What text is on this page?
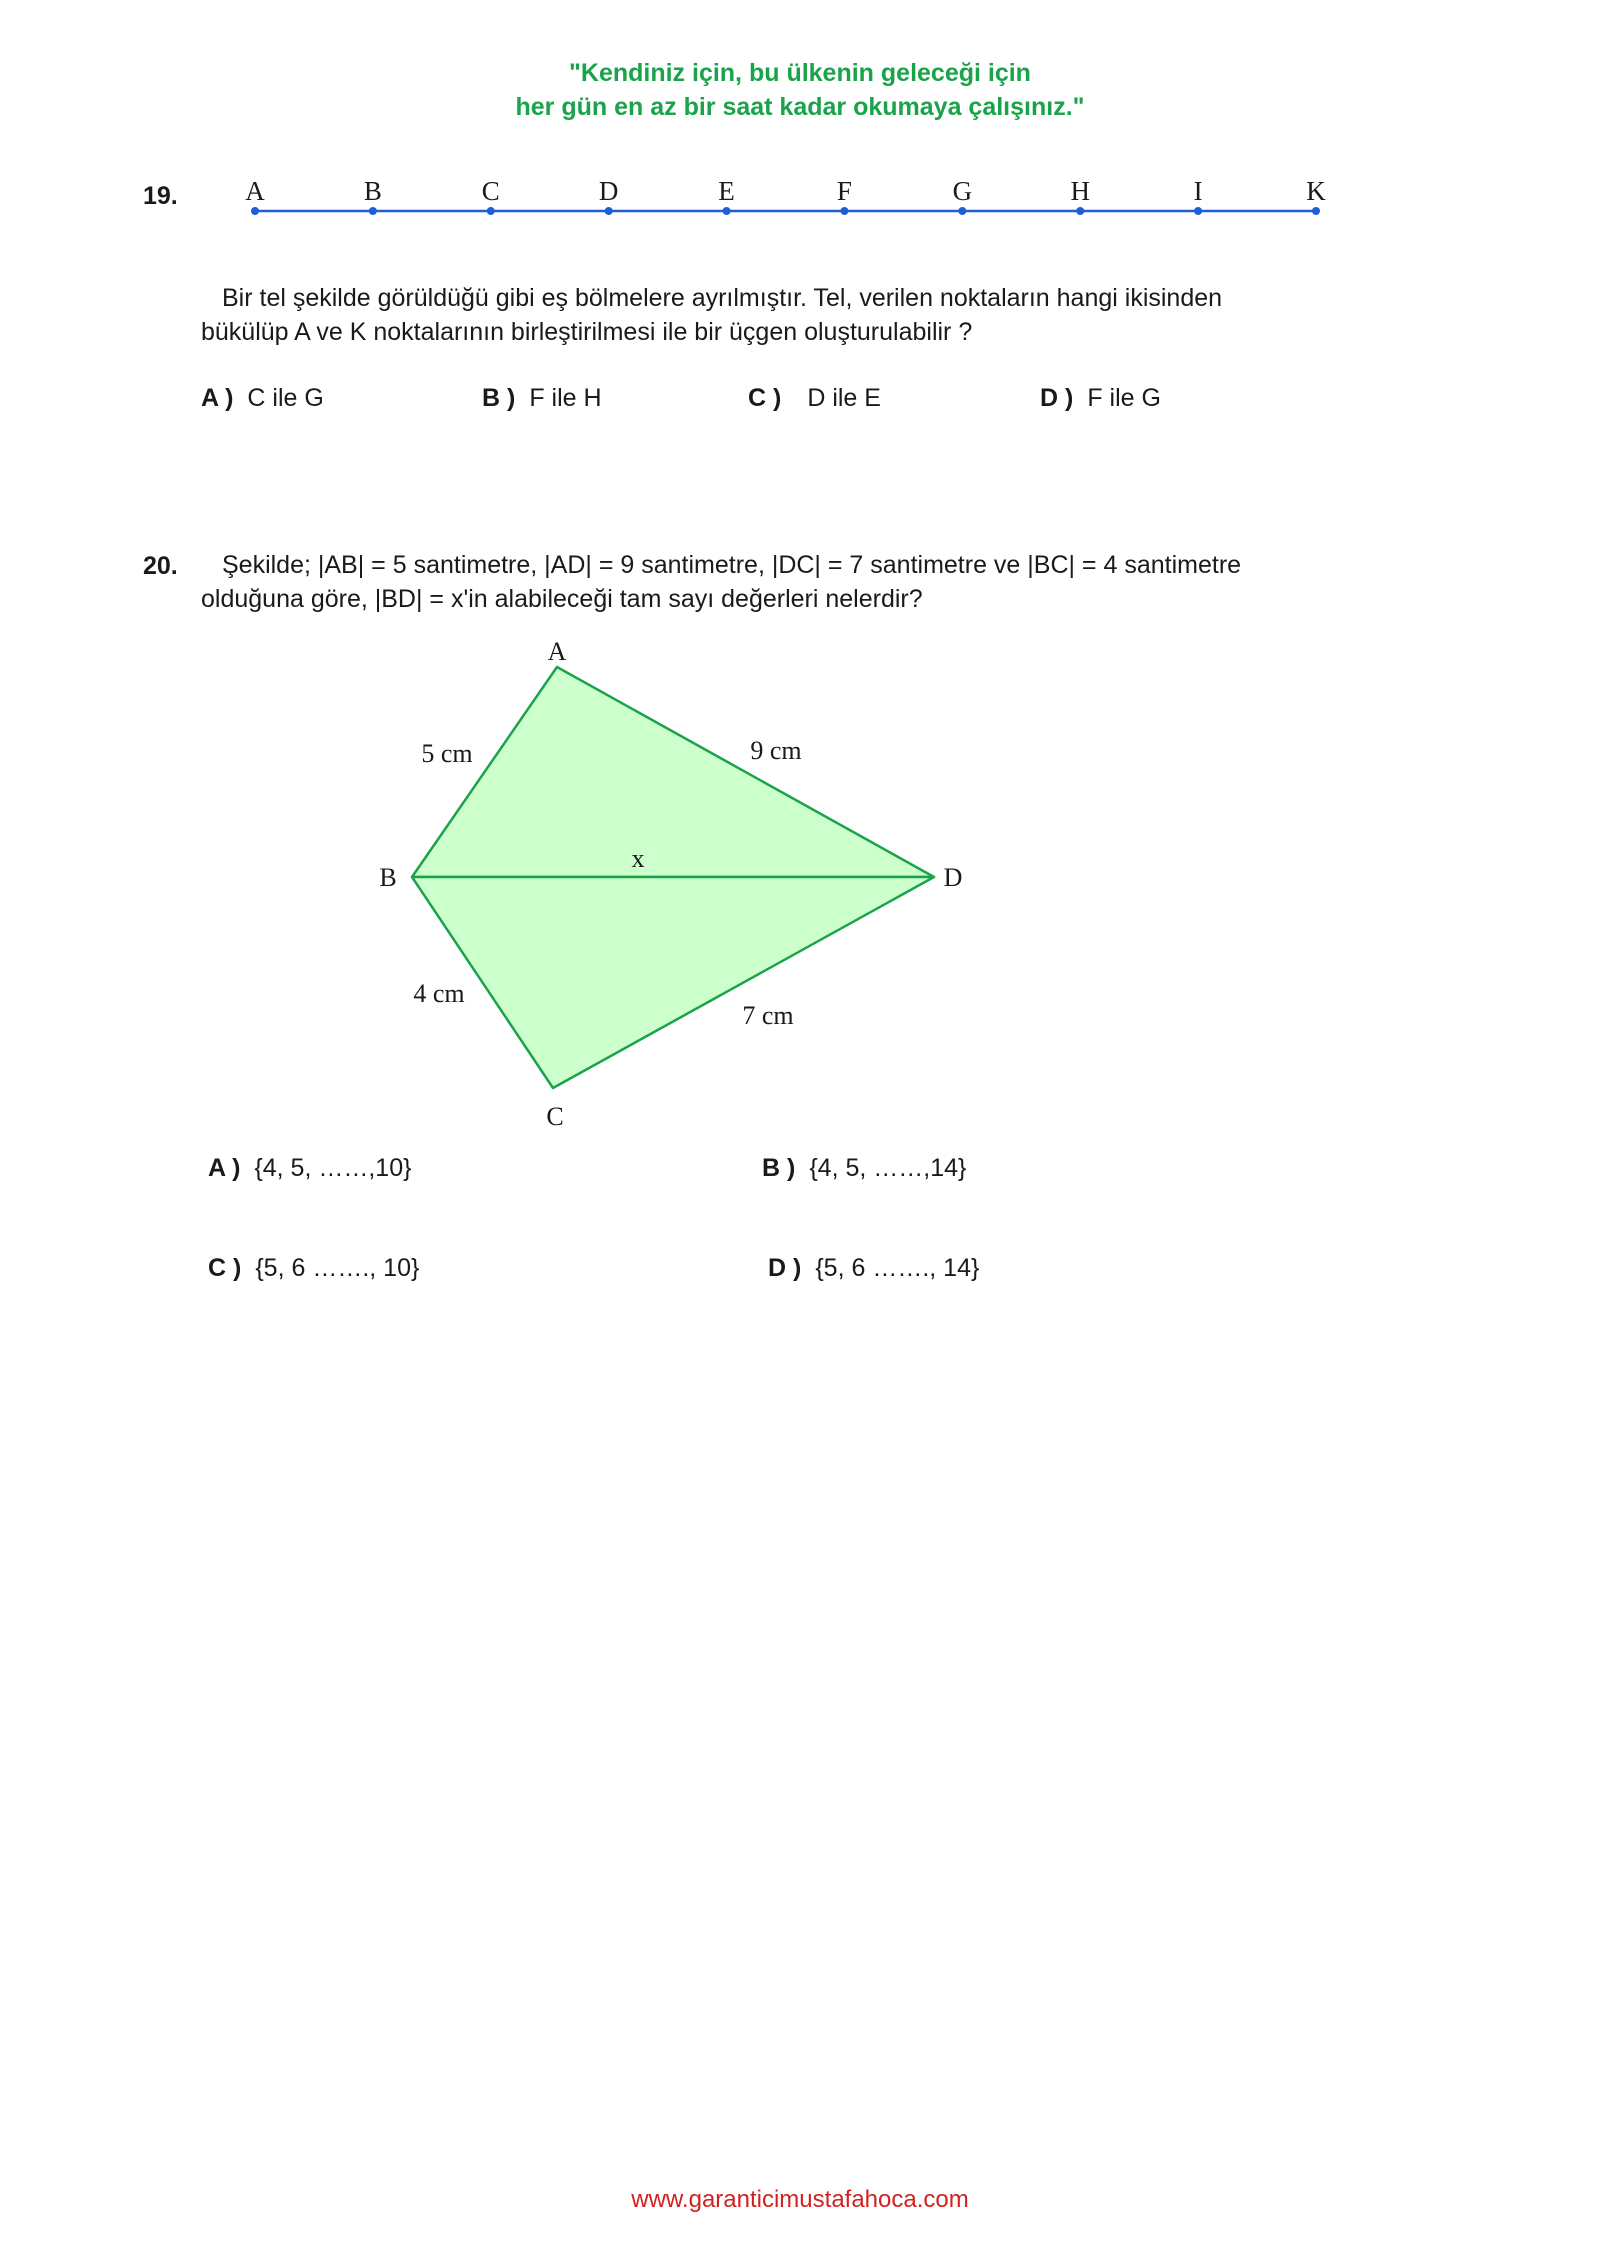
"Kendiniz için, bu ülkenin geleceği için
her gün en az bir saat kadar okumaya çalışınız."
19. A	B	C	D	E	F	G	H	I	K
Bir tel şekilde görüldüğü gibi eş bölmelere ayrılmıştır. Tel, verilen noktaların hangi ikisinden
bükülüp A ve K noktalarının birleştirilmesi ile bir üçgen oluşturulabilir ?
A ) C ile G	B ) F ile H	C ) D ile E	D ) F ile G
20. Şekilde; |AB| = 5 santimetre, |AD| = 9 santimetre, |DC| = 7 santimetre ve |BC| = 4 santimetre
olduğuna göre, |BD| = x'in alabileceği tam sayı değerleri nelerdir?
A
B
C
D
5 cm	9 cm
x
4 cm
7 cm
A ) {4, 5, ……,10}	B ) {4, 5, ……,14}
C ) {5, 6 ……., 10}	D ) {5, 6 ……., 14}
www.garanticimustafahoca.com
